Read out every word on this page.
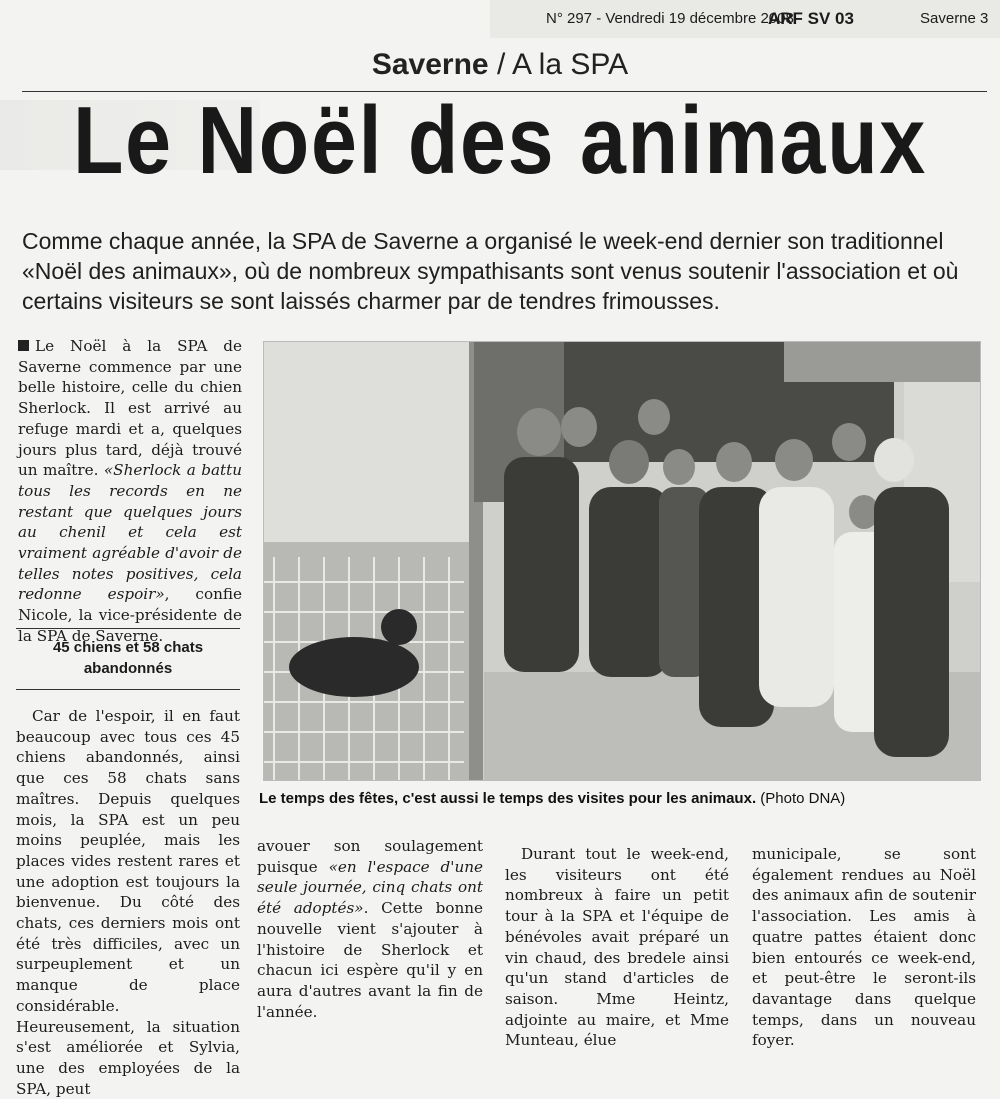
N° 297 - Vendredi 19 décembre 2008
ARF SV 03	Saverne 3
Saverne / A la SPA
Le Noël des animaux
Comme chaque année, la SPA de Saverne a organisé le week-end dernier son traditionnel «Noël des animaux», où de nombreux sympathisants sont venus soutenir l'association et où certains visiteurs se sont laissés charmer par de tendres frimousses.

Le Noël à la SPA de Saverne commence par une belle histoire, celle du chien Sherlock. Il est arrivé au refuge mardi et a, quelques jours plus tard, déjà trouvé un maître. «Sherlock a battu tous les records en ne restant que quelques jours au chenil et cela est vraiment agréable d'avoir de telles notes positives, cela redonne espoir», confie Nicole, la vice-présidente de la SPA de Saverne.

45 chiens et 58 chats abandonnés

Car de l'espoir, il en faut beaucoup avec tous ces 45 chiens abandonnés, ainsi que ces 58 chats sans maîtres. Depuis quelques mois, la SPA est un peu moins peuplée, mais les places vides restent rares et une adoption est toujours la bienvenue. Du côté des chats, ces derniers mois ont été très difficiles, avec un surpeuplement et un manque de place considérable. Heureusement, la situation s'est améliorée et Sylvia, une des employées de la SPA, peut

Le temps des fêtes, c'est aussi le temps des visites pour les animaux. (Photo DNA)

avouer son soulagement puisque «en l'espace d'une seule journée, cinq chats ont été adoptés». Cette bonne nouvelle vient s'ajouter à l'histoire de Sherlock et chacun ici espère qu'il y en aura d'autres avant la fin de l'année.

Durant tout le week-end, les visiteurs ont été nombreux à faire un petit tour à la SPA et l'équipe de bénévoles avait préparé un vin chaud, des bredele ainsi qu'un stand d'articles de saison. Mme Heintz, adjointe au maire, et Mme Munteau, élue

municipale, se sont également rendues au Noël des animaux afin de soutenir l'association. Les amis à quatre pattes étaient donc bien entourés ce week-end, et peut-être le seront-ils davantage dans quelque temps, dans un nouveau foyer.
